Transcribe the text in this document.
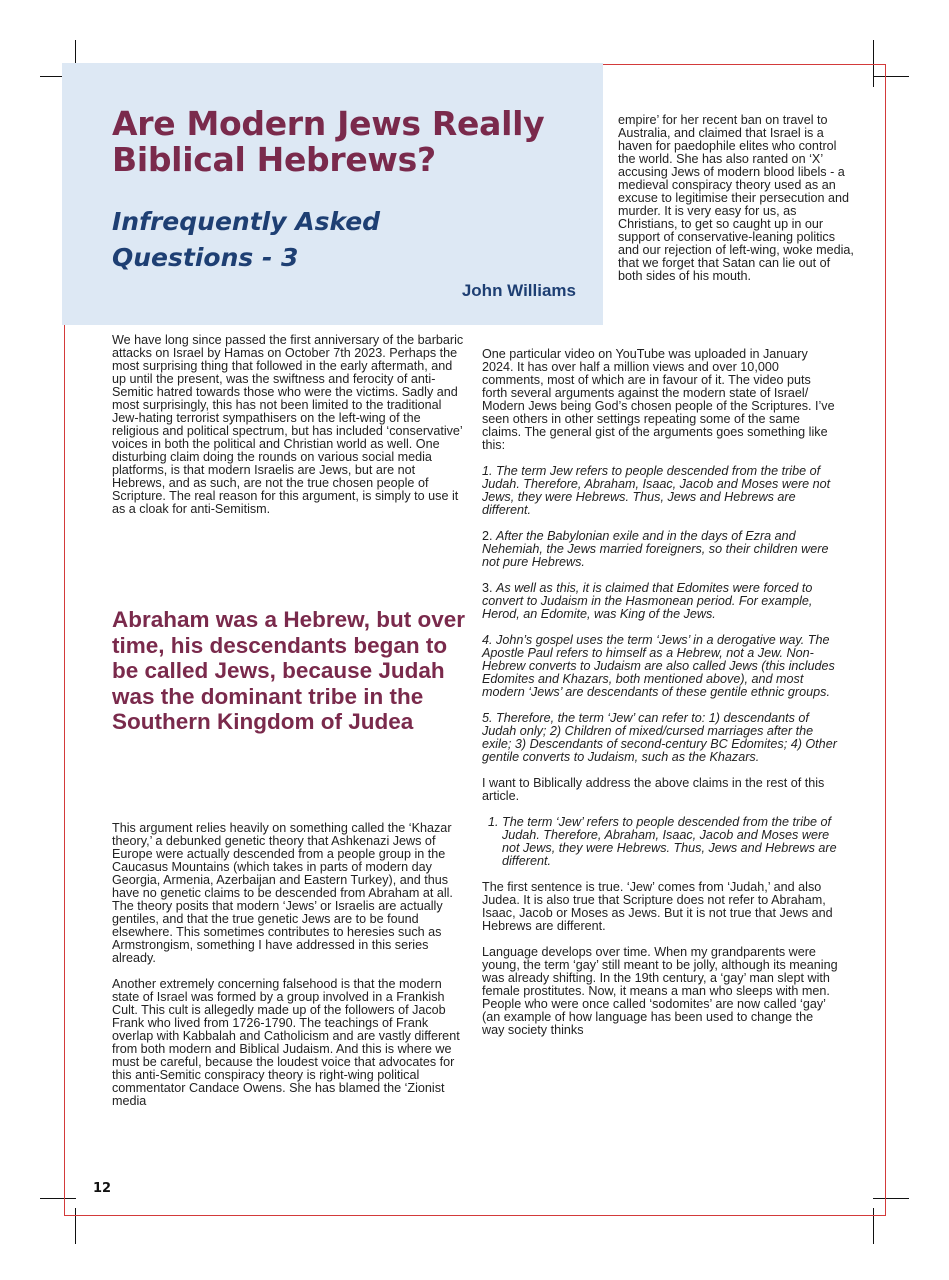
Are Modern Jews Really Biblical Hebrews?
Infrequently Asked Questions - 3
John Williams

empire’ for her recent ban on travel to Australia, and claimed that Israel is a haven for paedophile elites who control the world. She has also ranted on ‘X’ accusing Jews of modern blood libels - a medieval conspiracy theory used as an excuse to legitimise their persecution and murder. It is very easy for us, as Christians, to get so caught up in our support of conservative-leaning politics and our rejection of left-wing, woke media, that we forget that Satan can lie out of both sides of his mouth.

We have long since passed the first anniversary of the barbaric attacks on Israel by Hamas on October 7th 2023. Perhaps the most surprising thing that followed in the early aftermath, and up until the present, was the swiftness and ferocity of anti-Semitic hatred towards those who were the victims. Sadly and most surprisingly, this has not been limited to the traditional Jew-hating terrorist sympathisers on the left-wing of the religious and political spectrum, but has included ‘conservative’ voices in both the political and Christian world as well. One disturbing claim doing the rounds on various social media platforms, is that modern Israelis are Jews, but are not Hebrews, and as such, are not the true chosen people of Scripture. The real reason for this argument, is simply to use it as a cloak for anti-Semitism.

Abraham was a Hebrew, but over time, his descendants began to be called Jews, because Judah was the dominant tribe in the Southern Kingdom of Judea

This argument relies heavily on something called the ‘Khazar theory,’ a debunked genetic theory that Ashkenazi Jews of Europe were actually descended from a people group in the Caucasus Mountains (which takes in parts of modern day Georgia, Armenia, Azerbaijan and Eastern Turkey), and thus have no genetic claims to be descended from Abraham at all. The theory posits that modern ‘Jews’ or Israelis are actually gentiles, and that the true genetic Jews are to be found elsewhere. This sometimes contributes to heresies such as Armstrongism, something I have addressed in this series already.

Another extremely concerning falsehood is that the modern state of Israel was formed by a group involved in a Frankish Cult. This cult is allegedly made up of the followers of Jacob Frank who lived from 1726-1790. The teachings of Frank overlap with Kabbalah and Catholicism and are vastly different from both modern and Biblical Judaism. And this is where we must be careful, because the loudest voice that advocates for this anti-Semitic conspiracy theory is right-wing political commentator Candace Owens. She has blamed the ‘Zionist media

One particular video on YouTube was uploaded in January 2024. It has over half a million views and over 10,000 comments, most of which are in favour of it. The video puts forth several arguments against the modern state of Israel/ Modern Jews being God’s chosen people of the Scriptures. I’ve seen others in other settings repeating some of the same claims. The general gist of the arguments goes something like this:

1. The term Jew refers to people descended from the tribe of Judah. Therefore, Abraham, Isaac, Jacob and Moses were not Jews, they were Hebrews. Thus, Jews and Hebrews are different.

2. After the Babylonian exile and in the days of Ezra and Nehemiah, the Jews married foreigners, so their children were not pure Hebrews.

3. As well as this, it is claimed that Edomites were forced to convert to Judaism in the Hasmonean period. For example, Herod, an Edomite, was King of the Jews.

4. John’s gospel uses the term ‘Jews’ in a derogative way. The Apostle Paul refers to himself as a Hebrew, not a Jew. Non-Hebrew converts to Judaism are also called Jews (this includes Edomites and Khazars, both mentioned above), and most modern ‘Jews’ are descendants of these gentile ethnic groups.

5. Therefore, the term ‘Jew’ can refer to: 1) descendants of Judah only; 2) Children of mixed/cursed marriages after the exile; 3) Descendants of second-century BC Edomites; 4) Other gentile converts to Judaism, such as the Khazars.

I want to Biblically address the above claims in the rest of this article.

1. The term ‘Jew’ refers to people descended from the tribe of Judah. Therefore, Abraham, Isaac, Jacob and Moses were not Jews, they were Hebrews. Thus, Jews and Hebrews are different.

The first sentence is true. ‘Jew’ comes from ‘Judah,’ and also Judea. It is also true that Scripture does not refer to Abraham, Isaac, Jacob or Moses as Jews. But it is not true that Jews and Hebrews are different.

Language develops over time. When my grandparents were young, the term ‘gay’ still meant to be jolly, although its meaning was already shifting. In the 19th century, a ‘gay’ man slept with female prostitutes. Now, it means a man who sleeps with men. People who were once called ‘sodomites’ are now called ‘gay’ (an example of how language has been used to change the way society thinks

12
